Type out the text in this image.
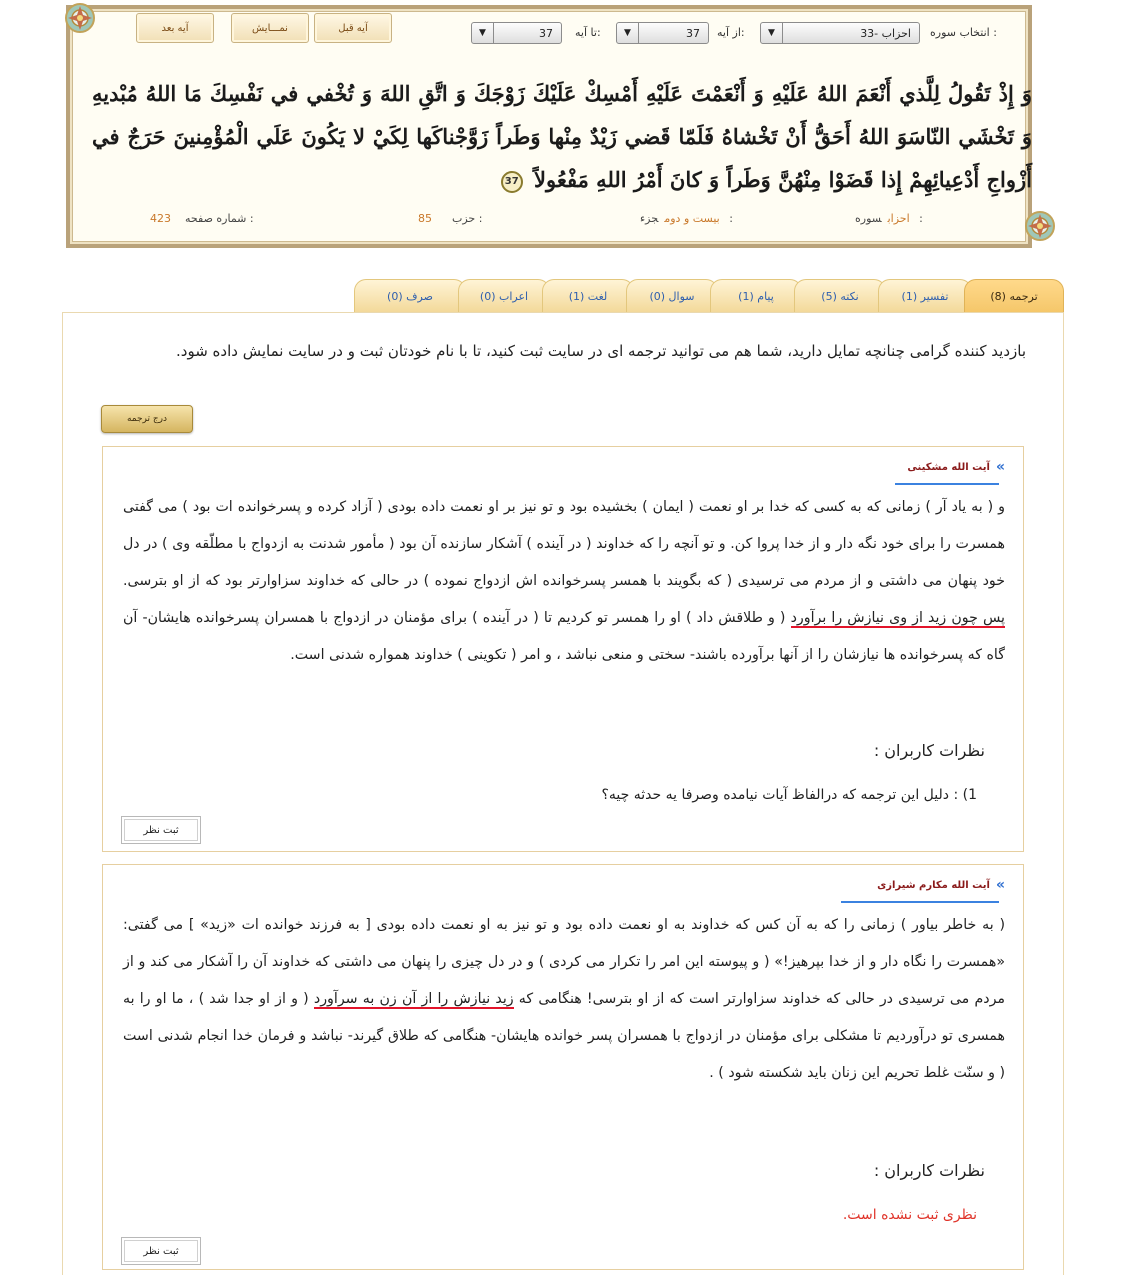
آیه بعد	نمـــایش	آیه قبل	37
▼	تا آیه:	37
▼	از آیه:	33- احزاب
▼	انتخاب سوره :
وَ إِذْ تَقُولُ لِلَّذي أَنْعَمَ اللهُ عَلَيْهِ وَ أَنْعَمْتَ عَلَيْهِ أَمْسِكْ عَلَيْكَ زَوْجَكَ وَ اتَّقِ اللهَ وَ تُخْفي في نَفْسِكَ مَا اللهُ مُبْديهِ وَ تَخْشَي النّاسَوَ اللهُ أَحَقُّ أَنْ تَخْشاهُ فَلَمّا قَضي زَيْدٌ مِنْها وَطَراً زَوَّجْناكَها لِكَيْ لا يَكُونَ عَلَي الْمُؤْمِنينَ حَرَجٌ في أَزْواجِ أَدْعِيائِهِمْ إِذا قَضَوْا مِنْهُنَّ وَطَراً وَ كانَ أَمْرُ اللهِ مَفْعُولاً 37
احزابسوره :
بیست و دومجزء :
85 حزب :
423 شماره صفحه :
ترجمه (8)
تفسیر (1)
نکته (5)
پیام (1)
سوال (0)
لغت (1)
اعراب (0)
صرف (0)
بازدید کننده گرامی چنانچه تمایل دارید، شما هم می توانید ترجمه ای در سایت ثبت کنید، تا با نام خودتان ثبت و در سایت نمایش داده شود.
درج ترجمه
»
آیت الله مشکینی
و ( به یاد آر ) زمانی که به کسی که خدا بر او نعمت ( ایمان ) بخشیده بود و تو نیز بر او نعمت داده بودی ( آزاد کرده و پسرخوانده ات بود ) می گفتی همسرت را برای خود نگه دار و از خدا پروا کن. و تو آنچه را که خداوند ( در آینده ) آشکار سازنده آن بود ( مأمور شدنت به ازدواج با مطلّقه وی ) در دل خود پنهان می داشتی و از مردم می ترسیدی ( که بگویند با همسر پسرخوانده اش ازدواج نموده ) در حالی که خداوند سزاوارتر بود که از او بترسی. پس چون زید از وی نیازش را برآورد ( و طلاقش داد ) او را همسر تو کردیم تا ( در آینده ) برای مؤمنان در ازدواج با همسران پسرخوانده هایشان- آن گاه که پسرخوانده ها نیازشان را از آنها برآورده باشند- سختی و منعی نباشد ، و امر ( تکوینی ) خداوند همواره شدنی است.
نظرات کاربران :
1) : دلیل این ترجمه که درالفاظ آیات نیامده وصرفا یه حدثه چیه؟
ثبت نظر
»
آیت الله مکارم شیرازی
( به خاطر بیاور ) زمانی را که به آن کس که خداوند به او نعمت داده بود و تو نیز به او نعمت داده بودی [ به فرزند خوانده ات «زید» ] می گفتی: «همسرت را نگاه دار و از خدا بپرهیز!» ( و پیوسته این امر را تکرار می کردی ) و در دل چیزی را پنهان می داشتی که خداوند آن را آشکار می کند و از مردم می ترسیدی در حالی که خداوند سزاوارتر است که از او بترسی! هنگامی که زید نیازش را از آن زن به سرآورد ( و از او جدا شد ) ، ما او را به همسری تو درآوردیم تا مشکلی برای مؤمنان در ازدواج با همسران پسر خوانده هایشان- هنگامی که طلاق گیرند- نباشد و فرمان خدا انجام شدنی است ( و سنّت غلط تحریم این زنان باید شکسته شود ) .
نظرات کاربران :
نظری ثبت نشده است.
ثبت نظر
